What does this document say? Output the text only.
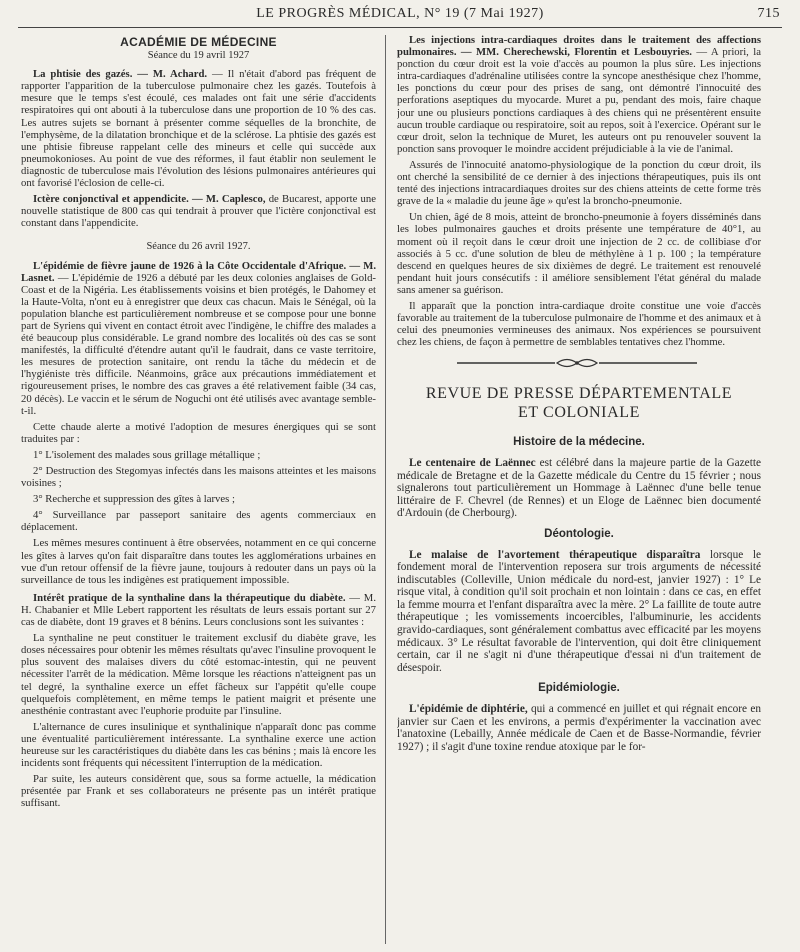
LE PROGRÈS MÉDICAL, N° 19 (7 Mai 1927)	715
ACADÉMIE DE MÉDECINE
Séance du 19 avril 1927

La phtisie des gazés. — M. Achard. — Il n'était d'abord pas fréquent de rapporter l'apparition de la tuberculose pulmonaire chez les gazés. Toutefois à mesure que le temps s'est écoulé, ces malades ont fait une série d'accidents respiratoires qui ont abouti à la tuberculose dans une proportion de 10 % des cas. Les autres sujets se bornant à présenter comme séquelles de la bronchite, de l'emphysème, de la dilatation bronchique et de la sclérose. La phtisie des gazés est une phtisie fibreuse rappelant celle des mineurs et celle qui succède aux pneumokonioses. Au point de vue des réformes, il faut établir non seulement le diagnostic de tuberculose mais l'évolution des lésions pulmonaires antérieures qui ont favorisé l'éclosion de celle-ci.

Ictère conjonctival et appendicite. — M. Caplesco, de Bucarest, apporte une nouvelle statistique de 800 cas qui tendrait à prouver que l'ictère conjonctival est constant dans l'appendicite.

Séance du 26 avril 1927.

L'épidémie de fièvre jaune de 1926 à la Côte Occidentale d'Afrique. — M. Lasnet. — L'épidémie de 1926 a débuté par les deux colonies anglaises de Gold-Coast et de la Nigéria. Les établissements voisins et bien protégés, le Dahomey et la Haute-Volta, n'ont eu à enregistrer que deux cas chacun. Mais le Sénégal, où la population blanche est particulièrement nombreuse et se compose pour une bonne part de Syriens qui vivent en contact étroit avec l'indigène, le chiffre des malades a été beaucoup plus considérable. Le grand nombre des localités où des cas se sont manifestés, la difficulté d'étendre autant qu'il le faudrait, dans ce vaste territoire, les mesures de protection sanitaire, ont rendu la tâche du médecin et de l'hygiéniste très difficile. Néanmoins, grâce aux précautions immédiatement et rigoureusement prises, le nombre des cas graves a été relativement faible (34 cas, 20 décès). Le vaccin et le sérum de Noguchi ont été utilisés avec avantage semble-t-il.

Cette chaude alerte a motivé l'adoption de mesures énergiques qui se sont traduites par :

1° L'isolement des malades sous grillage métallique ;

2° Destruction des Stegomyas infectés dans les maisons atteintes et les maisons voisines ;

3° Recherche et suppression des gîtes à larves ;

4° Surveillance par passeport sanitaire des agents commerciaux en déplacement.

Les mêmes mesures continuent à être observées, notamment en ce qui concerne les gîtes à larves qu'on fait disparaître dans toutes les agglomérations urbaines en vue d'un retour offensif de la fièvre jaune, toujours à redouter dans un pays où la surveillance de tous les indigènes est pratiquement impossible.

Intérêt pratique de la synthaline dans la thérapeutique du diabète. — M. H. Chabanier et Mlle Lebert rapportent les résultats de leurs essais portant sur 27 cas de diabète, dont 19 graves et 8 bénins. Leurs conclusions sont les suivantes :

La synthaline ne peut constituer le traitement exclusif du diabète grave, les doses nécessaires pour obtenir les mêmes résultats qu'avec l'insuline provoquent le plus souvent des malaises divers du côté estomac-intestin, qui ne peuvent nécessiter l'arrêt de la médication. Même lorsque les réactions n'atteignent pas un tel degré, la synthaline exerce un effet fâcheux sur l'appétit qu'elle coupe quelquefois complètement, en même temps le patient maigrit et présente une anesthénie contrastant avec l'euphorie produite par l'insuline.

L'alternance de cures insulinique et synthalinique n'apparaît donc pas comme une éventualité particulièrement intéressante. La synthaline exerce une action heureuse sur les caractéristiques du diabète dans les cas bénins ; mais là encore les incidents sont fréquents qui nécessitent l'interruption de la médication.

Par suite, les auteurs considèrent que, sous sa forme actuelle, la médication présentée par Frank et ses collaborateurs ne présente pas un intérêt pratique suffisant.

Les injections intra-cardiaques droites dans le traitement des affections pulmonaires. — MM. Cherechewski, Florentin et Lesbouyries. — A priori, la ponction du cœur droit est la voie d'accès au poumon la plus sûre. Les injections intra-cardiaques d'adrénaline utilisées contre la syncope anesthésique chez l'homme, les ponctions du cœur pour des prises de sang, ont démontré l'innocuité des perforations aseptiques du myocarde. Muret a pu, pendant des mois, faire chaque jour une ou plusieurs ponctions cardiaques à des chiens qui ne présentèrent ensuite aucun trouble cardiaque ou respiratoire, soit au repos, soit à l'exercice. Opérant sur le cœur droit, selon la technique de Muret, les auteurs ont pu renouveler souvent la ponction sans provoquer le moindre accident préjudiciable à la vie de l'animal.

Assurés de l'innocuité anatomo-physiologique de la ponction du cœur droit, ils ont cherché la sensibilité de ce dernier à des injections thérapeutiques, puis ils ont tenté des injections intracardiaques droites sur des chiens atteints de cette forme très grave de la « maladie du jeune âge » qu'est la broncho-pneumonie.

Un chien, âgé de 8 mois, atteint de broncho-pneumonie à foyers disséminés dans les lobes pulmonaires gauches et droits présente une température de 40°1, au moment où il reçoit dans le cœur droit une injection de 2 cc. de collibiase d'or associés à 5 cc. d'une solution de bleu de méthylène à 1 p. 100 ; la température descend en quelques heures de six dixièmes de degré. Le traitement est renouvelé pendant huit jours consécutifs : il améliore sensiblement l'état général du malade sans amener sa guérison.

Il apparaît que la ponction intra-cardiaque droite constitue une voie d'accès favorable au traitement de la tuberculose pulmonaire de l'homme et des animaux et à celui des pneumonies vermineuses des animaux. Nos expériences se poursuivent chez les chiens, de façon à permettre de semblables tentatives chez l'homme.

REVUE DE PRESSE DÉPARTEMENTALE
ET COLONIALE
Histoire de la médecine.

Le centenaire de Laënnec est célébré dans la majeure partie de la Gazette médicale de Bretagne et de la Gazette médicale du Centre du 15 février ; nous signalerons tout particulièrement un Hommage à Laënnec d'une belle tenue littéraire de F. Chevrel (de Rennes) et un Eloge de Laënnec bien documenté d'Ardouin (de Cherbourg).

Déontologie.

Le malaise de l'avortement thérapeutique disparaîtra lorsque le fondement moral de l'intervention reposera sur trois arguments de nécessité indiscutables (Colleville, Union médicale du nord-est, janvier 1927) : 1° Le risque vital, à condition qu'il soit prochain et non lointain : dans ce cas, en effet la femme mourra et l'enfant disparaîtra avec la mère. 2° La faillite de toute autre thérapeutique ; les vomissements incoercibles, l'albuminurie, les accidents gravido-cardiaques, sont généralement combattus avec efficacité par les moyens médicaux. 3° Le résultat favorable de l'intervention, qui doit être cliniquement certain, car il ne s'agit ni d'une thérapeutique d'essai ni d'un traitement de désespoir.

Epidémiologie.

L'épidémie de diphtérie, qui a commencé en juillet et qui régnait encore en janvier sur Caen et les environs, a permis d'expérimenter la vaccination avec l'anatoxine (Lebailly, Année médicale de Caen et de Basse-Normandie, février 1927) ; il s'agit d'une toxine rendue atoxique par le for-
